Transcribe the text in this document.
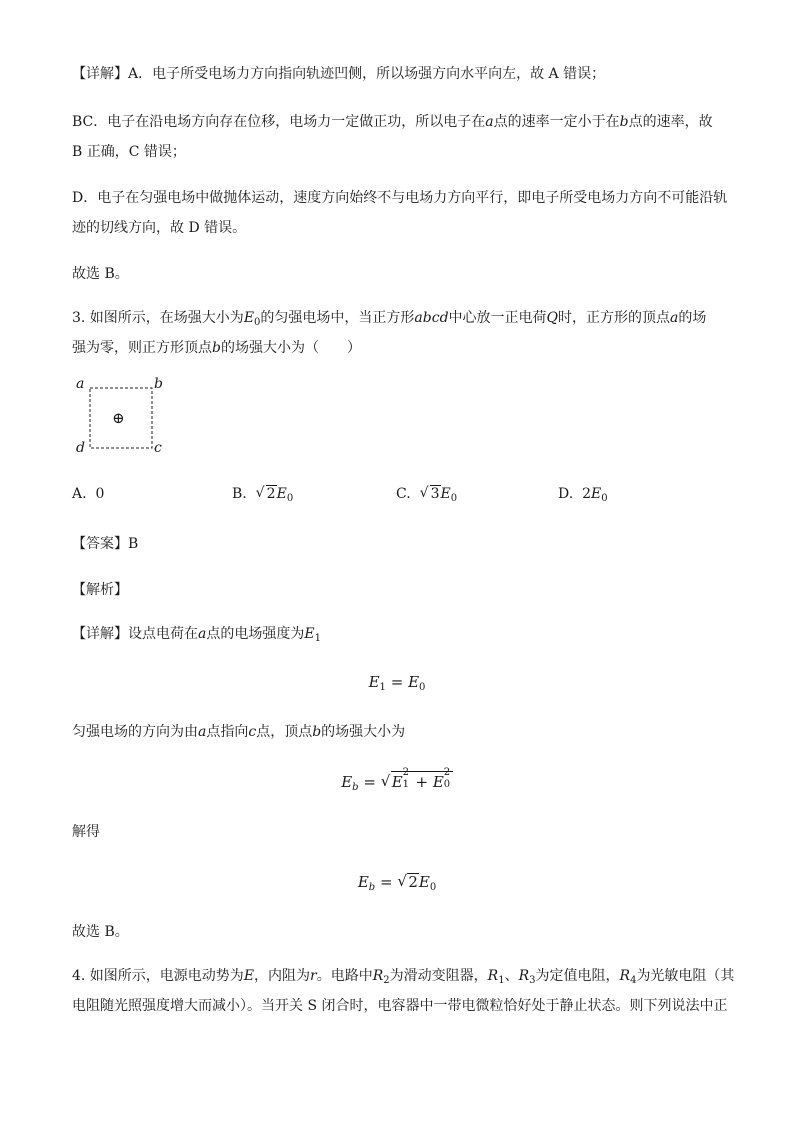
【详解】A．电子所受电场力方向指向轨迹凹侧，所以场强方向水平向左，故 A 错误；
BC．电子在沿电场方向存在位移，电场力一定做正功，所以电子在a点的速率一定小于在b点的速率，故
B 正确，C 错误；
D．电子在匀强电场中做抛体运动，速度方向始终不与电场力方向平行，即电子所受电场力方向不可能沿轨
迹的切线方向，故 D 错误。
故选 B。
3. 如图所示，在场强大小为$E_0$的匀强电场中，当正方形abcd中心放一正电荷Q时，正方形的顶点a的场
强为零，则正方形顶点b的场强大小为（　　）
a	b
c
d
⊕
A. 0	B. √ $2E_0$	C. √ $3E_0$	D. $2E_0$
【答案】B
【解析】
【详解】设点电荷在a点的电场强度为$E_1$
$E_1 = E_0$
匀强电场的方向为由a点指向c点，顶点b的场强大小为
$E_b$ = √ E
2
1 + E
2
0

解得
$E_b$ = √ $2E_0$
故选 B。
4. 如图所示，电源电动势为E，内阻为r。电路中$R_2$为滑动变阻器，$R_1$、$R_3$为定值电阻，$R_4$为光敏电阻（其
电阻随光照强度增大而减小）。当开关 S 闭合时，电容器中一带电微粒恰好处于静止状态。则下列说法中正
